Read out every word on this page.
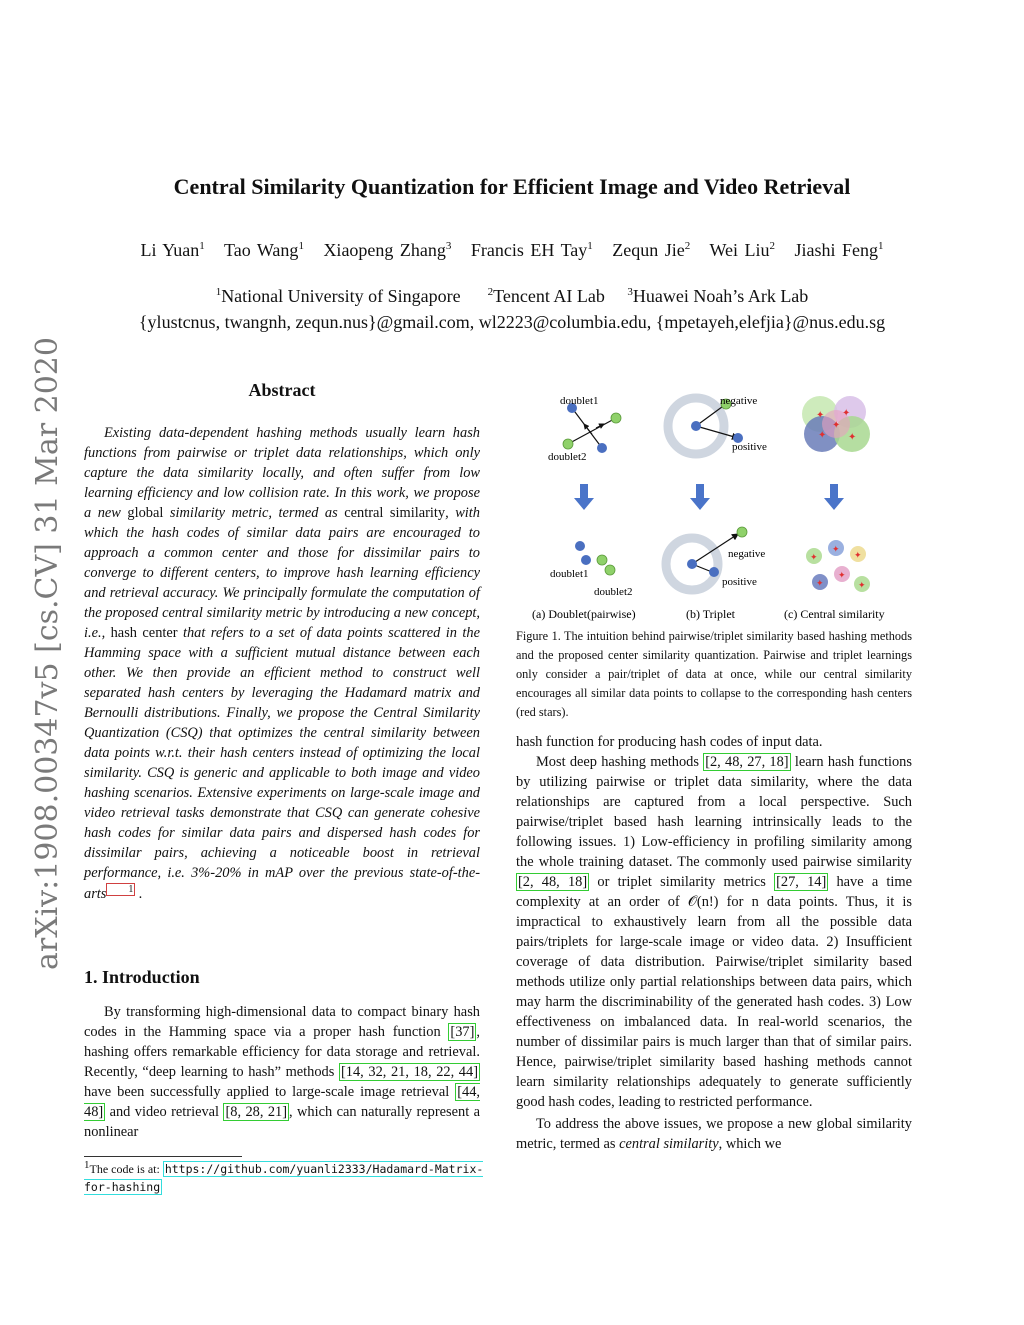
arXiv:1908.00347v5 [cs.CV] 31 Mar 2020
Central Similarity Quantization for Efficient Image and Video Retrieval
Li Yuan$^1$ Tao Wang$^1$ Xiaopeng Zhang$^3$ Francis EH Tay$^1$ Zequn Jie$^2$ Wei Liu$^2$ Jiashi Feng$^1$
$^1$National University of Singapore $^2$Tencent AI Lab $^3$Huawei Noah’s Ark Lab
{ylustcnus, twangnh, zequn.nus}@gmail.com, wl2223@columbia.edu, {mpetayeh,elefjia}@nus.edu.sg
Abstract
Existing data-dependent hashing methods usually learn hash functions from pairwise or triplet data relationships, which only capture the data similarity locally, and often suffer from low learning efficiency and low collision rate. In this work, we propose a new global similarity metric, termed as central similarity, with which the hash codes of similar data pairs are encouraged to approach a common center and those for dissimilar pairs to converge to different centers, to improve hash learning efficiency and retrieval accuracy. We principally formulate the computation of the proposed central similarity metric by introducing a new concept, i.e., hash center that refers to a set of data points scattered in the Hamming space with a sufficient mutual distance between each other. We then provide an efficient method to construct well separated hash centers by leveraging the Hadamard matrix and Bernoulli distributions. Finally, we propose the Central Similarity Quantization (CSQ) that optimizes the central similarity between data points w.r.t. their hash centers instead of optimizing the local similarity. CSQ is generic and applicable to both image and video hashing scenarios. Extensive experiments on large-scale image and video retrieval tasks demonstrate that CSQ can generate cohesive hash codes for similar data pairs and dispersed hash codes for dissimilar pairs, achieving a noticeable boost in retrieval performance, i.e. 3%-20% in mAP over the previous state-of-the-arts 1 .
1. Introduction
By transforming high-dimensional data to compact binary hash codes in the Hamming space via a proper hash function [37] , hashing offers remarkable efficiency for data storage and retrieval. Recently, “deep learning to hash” methods [14, 32, 21, 18, 22, 44] have been successfully applied to large-scale image retrieval [44, 48] and video retrieval [8, 28, 21] , which can naturally represent a nonlinear
$^1$The code is at: https://github.com/yuanli2333/Hadamard-Matrix-for-hashing
doublet1
doublet2
negative
positive
✦ ✦
✦ ✦
✦
doublet1
doublet2
negative
positive
✦
✦
✦
✦
✦
✦
(a) Doublet(pairwise)	(b) Triplet	(c) Central similarity
Figure 1. The intuition behind pairwise/triplet similarity based hashing methods and the proposed center similarity quantization. Pairwise and triplet learnings only consider a pair/triplet of data at once, while our central similarity encourages all similar data points to collapse to the corresponding hash centers (red stars).

hash function for producing hash codes of input data.

Most deep hashing methods [2, 48, 27, 18] learn hash functions by utilizing pairwise or triplet data similarity, where the data relationships are captured from a local perspective. Such pairwise/triplet based hash learning intrinsically leads to the following issues. 1) Low-efficiency in profiling similarity among the whole training dataset. The commonly used pairwise similarity [2, 48, 18] or triplet similarity metrics [27, 14] have a time complexity at an order of 𝒪(n!) for n data points. Thus, it is impractical to exhaustively learn from all the possible data pairs/triplets for large-scale image or video data. 2) Insufficient coverage of data distribution. Pairwise/triplet similarity based methods utilize only partial relationships between data pairs, which may harm the discriminability of the generated hash codes. 3) Low effectiveness on imbalanced data. In real-world scenarios, the number of dissimilar pairs is much larger than that of similar pairs. Hence, pairwise/triplet similarity based hashing methods cannot learn similarity relationships adequately to generate sufficiently good hash codes, leading to restricted performance.

To address the above issues, we propose a new global similarity metric, termed as central similarity, which we
